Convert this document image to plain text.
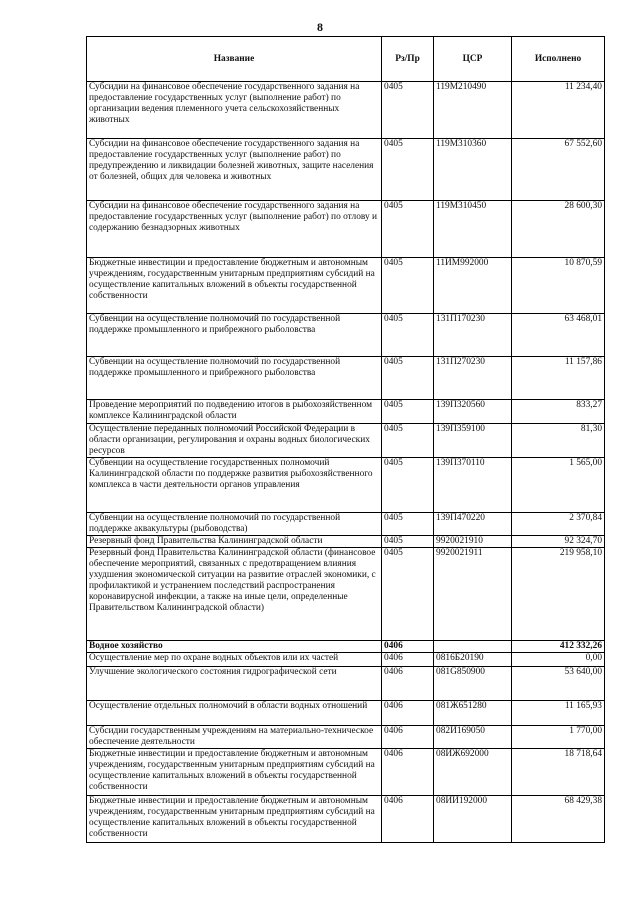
8
Название	Рз/Пр	ЦСР	Исполнено
Субсидии на финансовое обеспечение государственного задания на предоставление государственных услуг (выполнение работ) по организации ведения племенного учета сельскохозяйственных животных	0405	119М210490	11 234,40
Субсидии на финансовое обеспечение государственного задания на предоставление государственных услуг (выполнение работ) по предупреждению и ликвидации болезней животных, защите населения от болезней, общих для человека и животных	0405	119М310360	67 552,60
Субсидии на финансовое обеспечение государственного задания на предоставление государственных услуг (выполнение работ) по отлову и содержанию безнадзорных животных	0405	119М310450	28 600,30
Бюджетные инвестиции и предоставление бюджетным и автономным учреждениям, государственным унитарным предприятиям субсидий на осуществление капитальных вложений в объекты государственной собственности	0405	11ИМ992000	10 870,59
Субвенции на осуществление полномочий по государственной поддержке промышленного и прибрежного рыболовства	0405	131П170230	63 468,01
Субвенции на осуществление полномочий по государственной поддержке промышленного и прибрежного рыболовства	0405	131П270230	11 157,86
Проведение мероприятий по подведению итогов в рыбохозяйственном комплексе Калининградской области	0405	139П320560	833,27
Осуществление переданных полномочий Российской Федерации в области организации, регулирования и охраны водных биологических ресурсов	0405	139П359100	81,30
Субвенции на осуществление государственных полномочий Калининградской области по поддержке развития рыбохозяйственного комплекса в части деятельности органов управления	0405	139П370110	1 565,00
Субвенции на осуществление полномочий по государственной поддержке аквакультуры (рыбоводства)	0405	139П470220	2 370,84
Резервный фонд Правительства Калининградской области	0405	9920021910	92 324,70
Резервный фонд Правительства Калининградской области (финансовое обеспечение мероприятий, связанных с предотвращением влияния ухудшения экономической ситуации на развитие отраслей экономики, с профилактикой и устранением последствий распространения коронавирусной инфекции, а также на иные цели, определенные Правительством Калининградской области)	0405	9920021911	219 958,10
Водное хозяйство	0406		412 332,26
Осуществление мер по охране водных объектов или их частей	0406	0816Б20190	0,00
Улучшение экологического состояния гидрографической сети	0406	081G850900	53 640,00
Осуществление отдельных полномочий в области водных отношений	0406	081Ж651280	11 165,93
Субсидии государственным учреждениям на материально-техническое обеспечение деятельности	0406	082И169050	1 770,00
Бюджетные инвестиции и предоставление бюджетным и автономным учреждениям, государственным унитарным предприятиям субсидий на осуществление капитальных вложений в объекты государственной собственности	0406	08ИЖ692000	18 718,64
Бюджетные инвестиции и предоставление бюджетным и автономным учреждениям, государственным унитарным предприятиям субсидий на осуществление капитальных вложений в объекты государственной собственности	0406	08ИИ192000	68 429,38
